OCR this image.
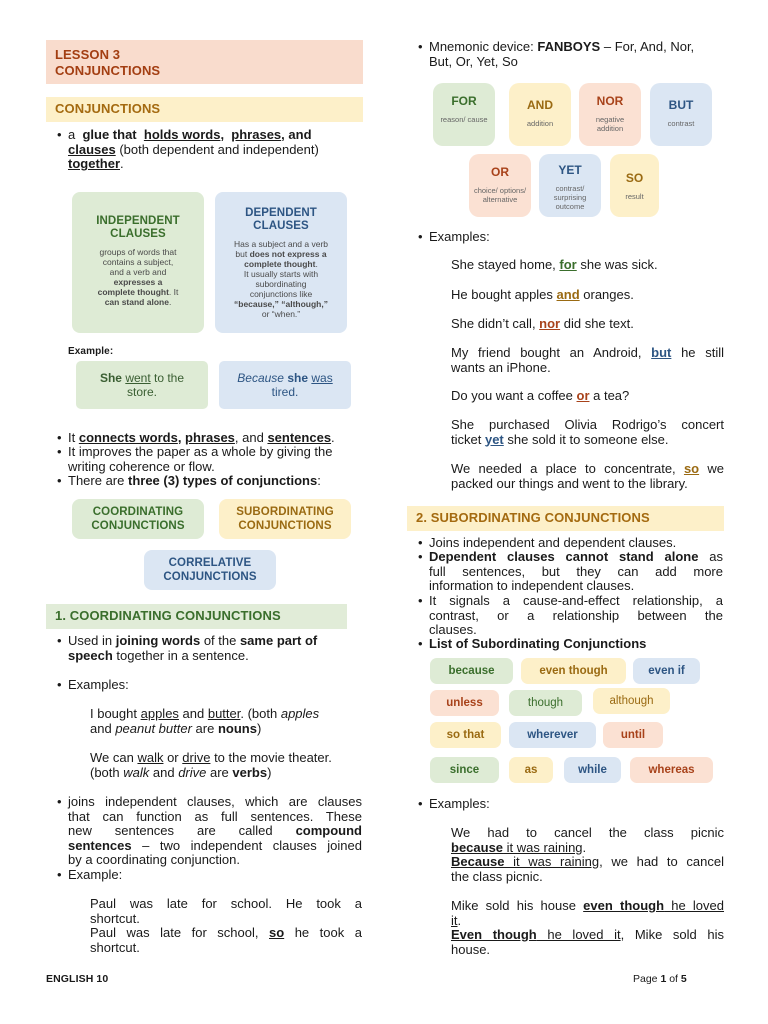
LESSON 3
CONJUNCTIONS
CONJUNCTIONS
• a glue that holds words, phrases, and
clauses (both dependent and independent)
together.
INDEPENDENT
CLAUSES
groups of words that
contains a subject,
and a verb and
expresses a
complete thought. It
can stand alone.
DEPENDENT
CLAUSES
Has a subject and a verb
but does not express a
complete thought.
It usually starts with
subordinating
conjunctions like
“because,” “although,”
or “when.”
Example:
She went to the
store.
Because she was
tired.
• It connects words, phrases, and sentences.
• It improves the paper as a whole by giving the writing coherence or flow.
• There are three (3) types of conjunctions:
COORDINATING
CONJUNCTIONS
SUBORDINATING
CONJUNCTIONS
CORRELATIVE
CONJUNCTIONS
1. COORDINATING CONJUNCTIONS
• Used in joining words of the same part of
speech together in a sentence.
• Examples:
I bought apples and butter. (both apples
and peanut butter are nouns)
We can walk or drive to the movie theater.
(both walk and drive are verbs)
• joins independent clauses, which are clauses
that can function as full sentences. These
new sentences are called compound
sentences – two independent clauses joined
by a coordinating conjunction.
• Example:
Paul was late for school. He took a
shortcut.
Paul was late for school, so he took a
shortcut.
ENGLISH 10	Page 1 of 5
• Mnemonic device: FANBOYS – For, And, Nor,
But, Or, Yet, So
FOR
reason/ cause
AND
addition
NOR
negative addition
BUT
contrast
OR
choice/ options/ alternative
YET
contrast/ surprising outcome
SO
result
• Examples:
She stayed home, for she was sick.
He bought apples and oranges.
She didn’t call, nor did she text.
My friend bought an Android, but he still
wants an iPhone.
Do you want a coffee or a tea?
She purchased Olivia Rodrigo’s concert
ticket yet she sold it to someone else.
We needed a place to concentrate, so we
packed our things and went to the library.
2. SUBORDINATING CONJUNCTIONS
• Joins independent and dependent clauses.
• Dependent clauses cannot stand alone as
full sentences, but they can add more
information to independent clauses.
• It signals a cause-and-effect relationship, a
contrast, or a relationship between the
clauses.
• List of Subordinating Conjunctions
because	even though	even if
unless	though	although
so that	wherever	until
since	as	while	whereas
• Examples:
We had to cancel the class picnic
because it was raining.
Because it was raining, we had to cancel
the class picnic.
Mike sold his house even though he loved
it.
Even though he loved it, Mike sold his
house.
